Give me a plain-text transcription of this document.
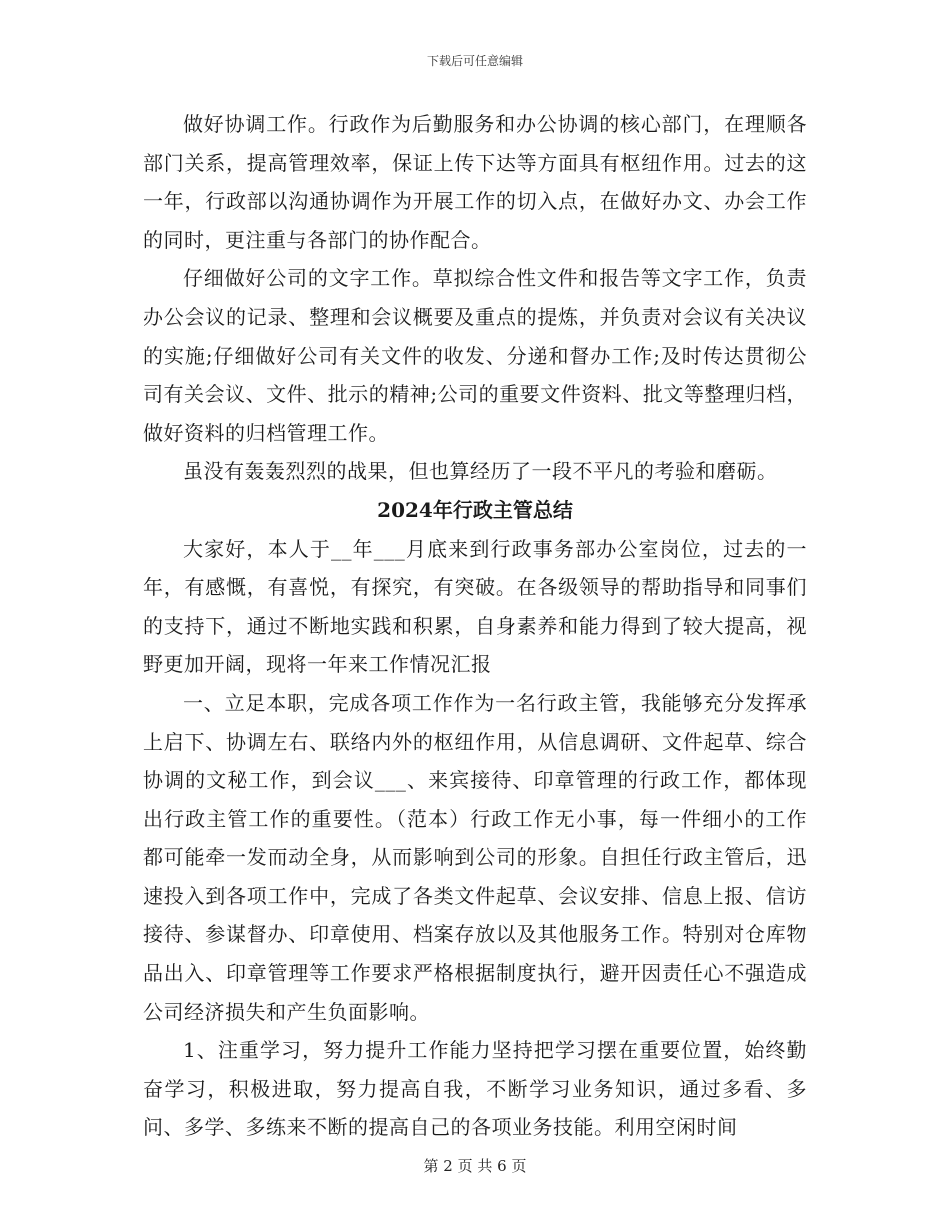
下载后可任意编辑

做好协调工作。行政作为后勤服务和办公协调的核心部门，在理顺各部门关系，提高管理效率，保证上传下达等方面具有枢纽作用。过去的这一年，行政部以沟通协调作为开展工作的切入点，在做好办文、办会工作的同时，更注重与各部门的协作配合。

仔细做好公司的文字工作。草拟综合性文件和报告等文字工作，负责办公会议的记录、整理和会议概要及重点的提炼，并负责对会议有关决议的实施;仔细做好公司有关文件的收发、分递和督办工作;及时传达贯彻公司有关会议、文件、批示的精神;公司的重要文件资料、批文等整理归档，做好资料的归档管理工作。

虽没有轰轰烈烈的战果，但也算经历了一段不平凡的考验和磨砺。

2024年行政主管总结

大家好，本人于__年___月底来到行政事务部办公室岗位，过去的一年，有感慨，有喜悦，有探究，有突破。在各级领导的帮助指导和同事们的支持下，通过不断地实践和积累，自身素养和能力得到了较大提高，视野更加开阔，现将一年来工作情况汇报

一、立足本职，完成各项工作作为一名行政主管，我能够充分发挥承上启下、协调左右、联络内外的枢纽作用，从信息调研、文件起草、综合协调的文秘工作，到会议___、来宾接待、印章管理的行政工作，都体现出行政主管工作的重要性。（范本）行政工作无小事，每一件细小的工作都可能牵一发而动全身，从而影响到公司的形象。自担任行政主管后，迅速投入到各项工作中，完成了各类文件起草、会议安排、信息上报、信访接待、参谋督办、印章使用、档案存放以及其他服务工作。特别对仓库物品出入、印章管理等工作要求严格根据制度执行，避开因责任心不强造成公司经济损失和产生负面影响。

1、注重学习，努力提升工作能力坚持把学习摆在重要位置，始终勤奋学习，积极进取，努力提高自我，不断学习业务知识，通过多看、多问、多学、多练来不断的提高自己的各项业务技能。利用空闲时间

第 2 页 共 6 页
